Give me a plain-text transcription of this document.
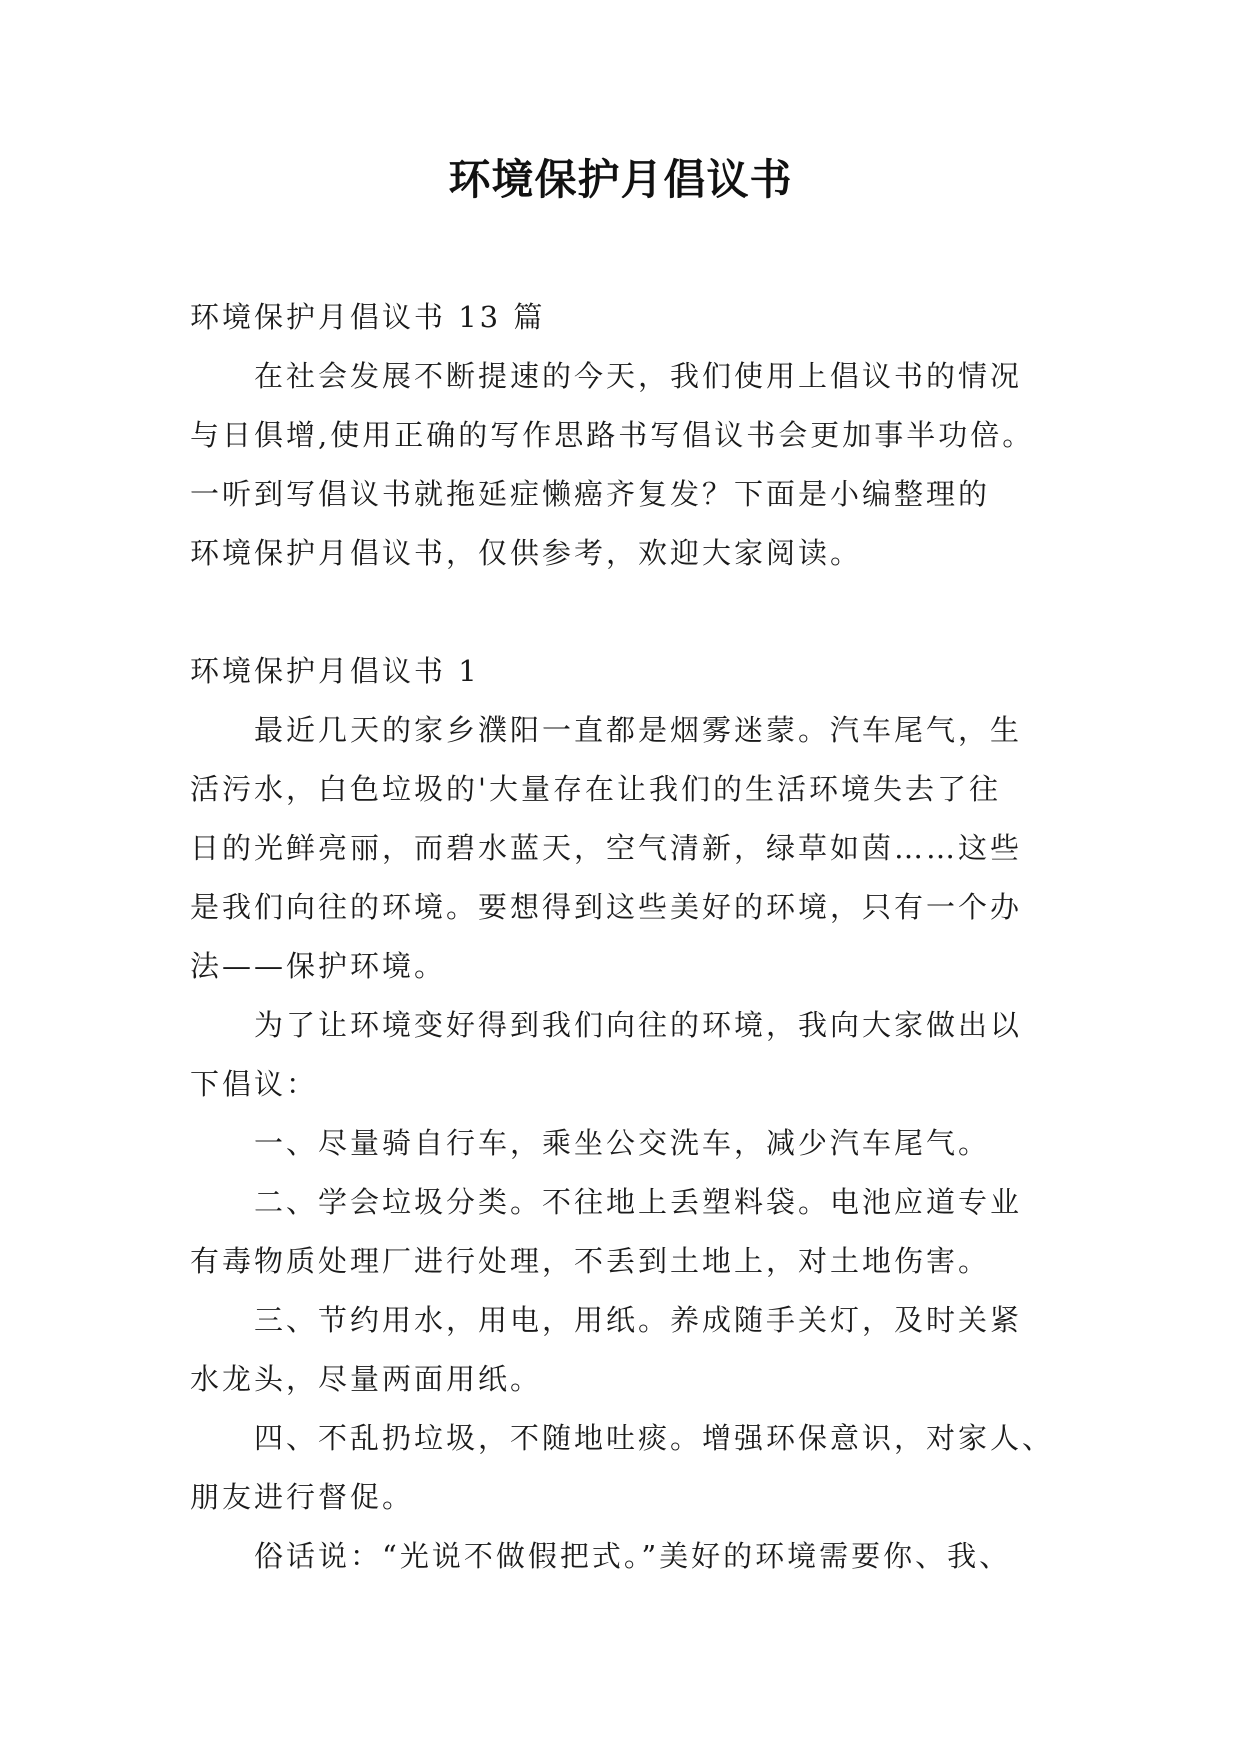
环境保护月倡议书

环境保护月倡议书 13 篇

在社会发展不断提速的今天，我们使用上倡议书的情况

与日俱增,使用正确的写作思路书写倡议书会更加事半功倍。

一听到写倡议书就拖延症懒癌齐复发？下面是小编整理的

环境保护月倡议书，仅供参考，欢迎大家阅读。

环境保护月倡议书 1

最近几天的家乡濮阳一直都是烟雾迷蒙。汽车尾气，生

活污水，白色垃圾的'大量存在让我们的生活环境失去了往

日的光鲜亮丽，而碧水蓝天，空气清新，绿草如茵……这些

是我们向往的环境。要想得到这些美好的环境，只有一个办

法——保护环境。

为了让环境变好得到我们向往的环境，我向大家做出以

下倡议：

一、尽量骑自行车，乘坐公交洗车，减少汽车尾气。

二、学会垃圾分类。不往地上丢塑料袋。电池应道专业

有毒物质处理厂进行处理，不丢到土地上，对土地伤害。

三、节约用水，用电，用纸。养成随手关灯，及时关紧

水龙头，尽量两面用纸。

四、不乱扔垃圾，不随地吐痰。增强环保意识，对家人、

朋友进行督促。

俗话说：“光说不做假把式。”美好的环境需要你、我、
